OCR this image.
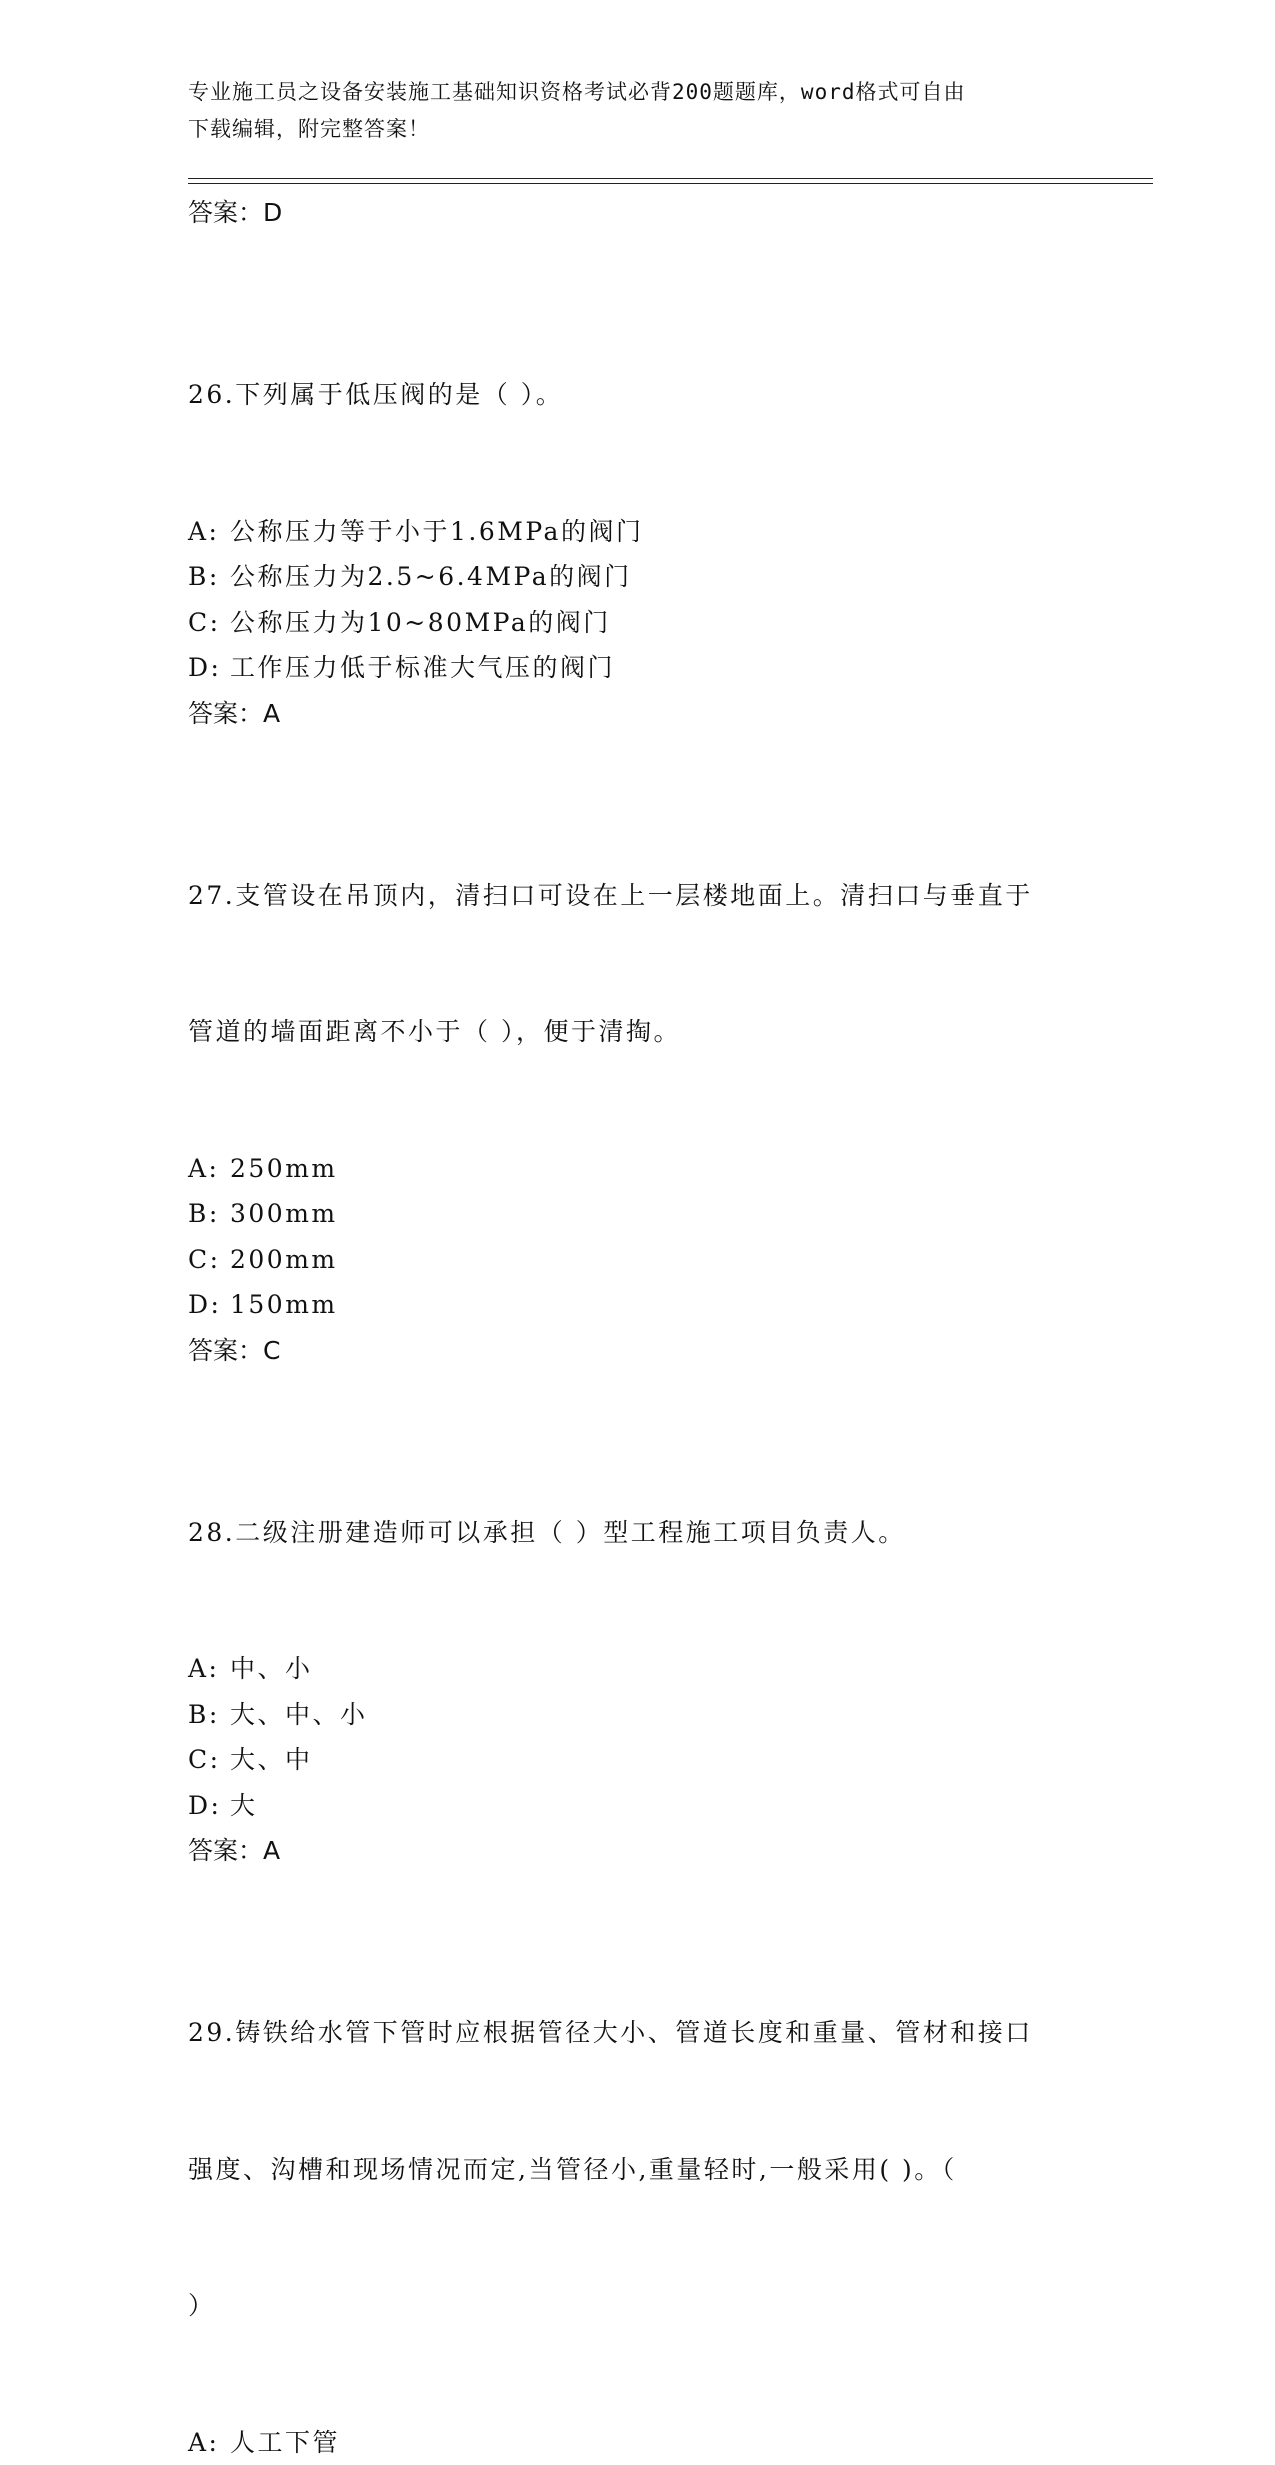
专业施工员之设备安装施工基础知识资格考试必背200题题库，word格式可自由
下载编辑，附完整答案！
答案：D

26.下列属于低压阀的是（ ）。

A: 公称压力等于小于1.6MPa的阀门
B: 公称压力为2.5~6.4MPa的阀门
C: 公称压力为10~80MPa的阀门
D: 工作压力低于标准大气压的阀门
答案：A

27.支管设在吊顶内，清扫口可设在上一层楼地面上。清扫口与垂直于

管道的墙面距离不小于（ ），便于清掏。

A: 250mm
B: 300mm
C: 200mm
D: 150mm
答案：C

28.二级注册建造师可以承担（ ）型工程施工项目负责人。

A: 中、小
B: 大、中、小
C: 大、中
D: 大
答案：A

29.铸铁给水管下管时应根据管径大小、管道长度和重量、管材和接口

强度、沟槽和现场情况而定,当管径小,重量轻时,一般采用( )。（

）

A: 人工下管
